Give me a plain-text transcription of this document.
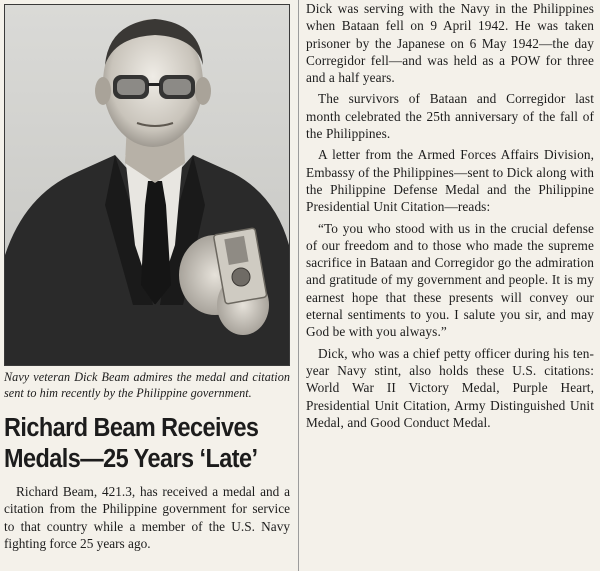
Navy veteran Dick Beam admires the medal and citation sent to him recently by the Philippine government.
Richard Beam Receives
Medals—25 Years ‘Late’

Richard Beam, 421.3, has received a medal and a citation from the Philippine government for service to that country while a member of the U.S. Navy fighting force 25 years ago.

Dick was serving with the Navy in the Philippines when Bataan fell on 9 April 1942. He was taken prisoner by the Japanese on 6 May 1942—the day Corregidor fell—and was held as a POW for three and a half years.

The survivors of Bataan and Corregidor last month celebrated the 25th anniversary of the fall of the Philippines.

A letter from the Armed Forces Affairs Division, Embassy of the Philippines—sent to Dick along with the Philippine Defense Medal and the Philippine Presidential Unit Citation—reads:

“To you who stood with us in the crucial defense of our freedom and to those who made the supreme sacrifice in Bataan and Corregidor go the admiration and gratitude of my government and people. It is my earnest hope that these presents will convey our eternal sentiments to you. I salute you sir, and may God be with you always.”

Dick, who was a chief petty officer during his ten-year Navy stint, also holds these U.S. citations: World War II Victory Medal, Purple Heart, Presidential Unit Citation, Army Distinguished Unit Medal, and Good Conduct Medal.
